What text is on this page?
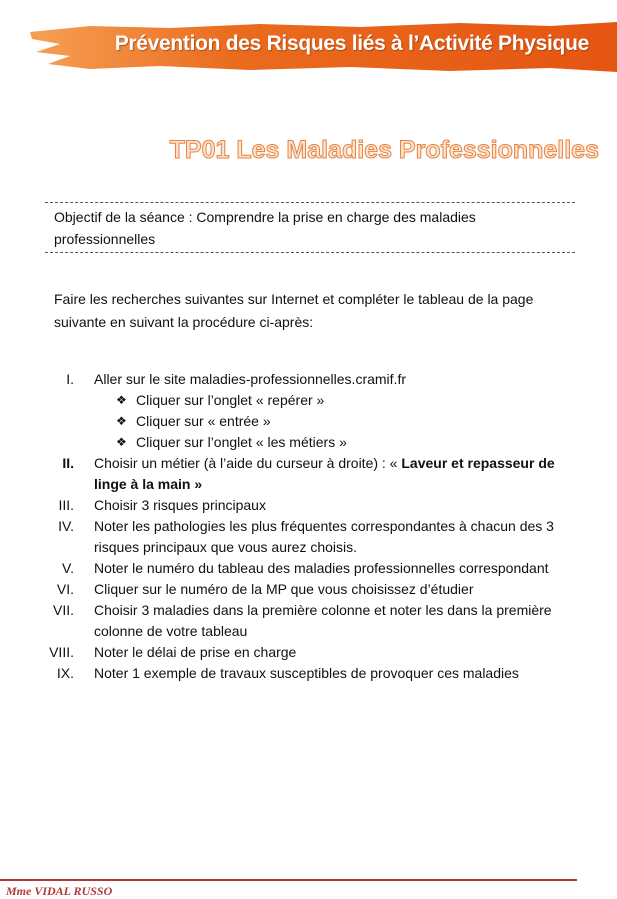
Prévention des Risques liés à l’Activité Physique
TP01 Les Maladies Professionnelles

Objectif de la séance : Comprendre la prise en charge des maladies professionnelles

Faire les recherches suivantes sur Internet et compléter le tableau de la page suivante en suivant la procédure ci-après:

I. Aller sur le site maladies-professionnelles.cramif.fr
❖ Cliquer sur l’onglet « repérer »
❖ Cliquer sur « entrée »
❖ Cliquer sur l’onglet « les métiers »
II. Choisir un métier (à l’aide du curseur à droite) : « Laveur et repasseur de linge à la main »
III. Choisir 3 risques principaux
IV. Noter les pathologies les plus fréquentes correspondantes à chacun des 3 risques principaux que vous aurez choisis.
V. Noter le numéro du tableau des maladies professionnelles correspondant
VI. Cliquer sur le numéro de la MP que vous choisissez d’étudier
VII. Choisir 3 maladies dans la première colonne et noter les dans la première colonne de votre tableau
VIII. Noter le délai de prise en charge
IX. Noter 1 exemple de travaux susceptibles de provoquer ces maladies

Mme VIDAL RUSSO
